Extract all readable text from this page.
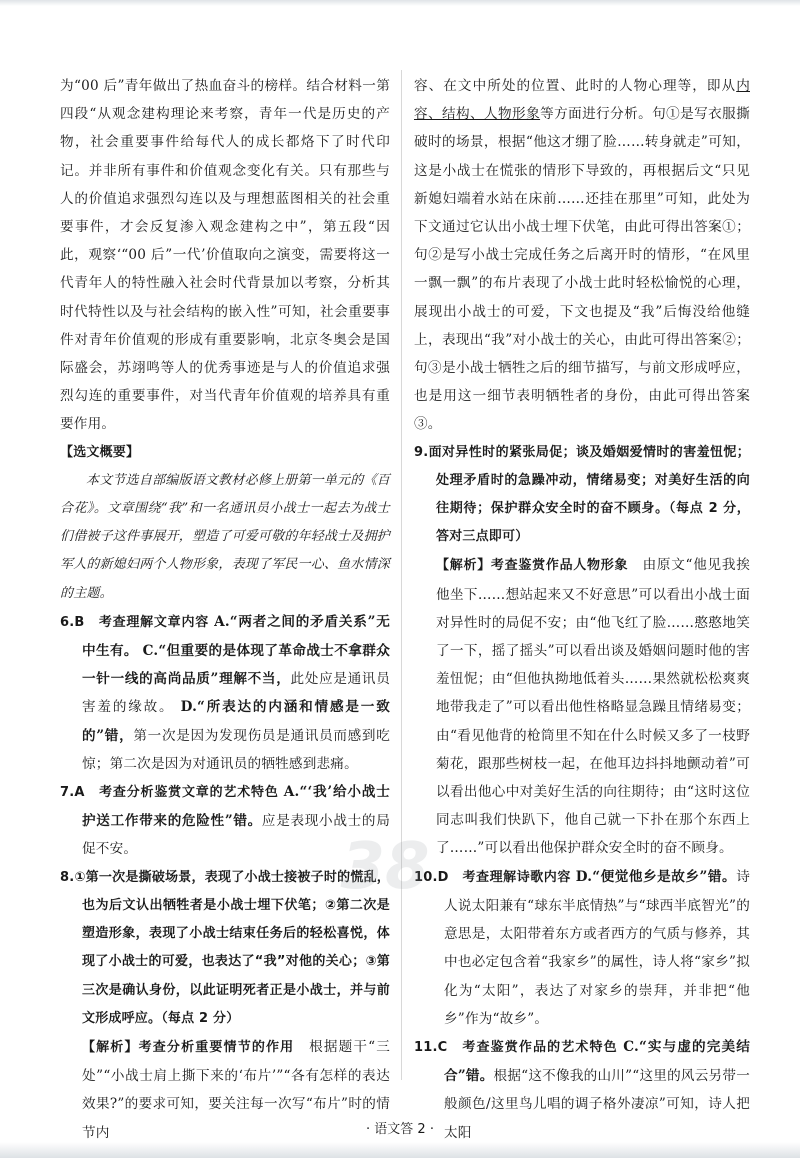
为“00 后”青年做出了热血奋斗的榜样。结合材料一第四段“从观念建构理论来考察，青年一代是历史的产物，社会重要事件给每代人的成长都烙下了时代印记。并非所有事件和价值观念变化有关。只有那些与人的价值追求强烈勾连以及与理想蓝图相关的社会重要事件，才会反复渗入观念建构之中”，第五段“因此，观察‘“00 后”一代’价值取向之演变，需要将这一代青年人的特性融入社会时代背景加以考察，分析其时代特性以及与社会结构的嵌入性”可知，社会重要事件对青年价值观的形成有重要影响，北京冬奥会是国际盛会，苏翊鸣等人的优秀事迹是与人的价值追求强烈勾连的重要事件，对当代青年价值观的培养具有重要作用。

【选文概要】

本文节选自部编版语文教材必修上册第一单元的《百合花》。文章围绕“我”和一名通讯员小战士一起去为战士们借被子这件事展开，塑造了可爱可敬的年轻战士及拥护军人的新媳妇两个人物形象，表现了军民一心、鱼水情深的主题。

6.B　考查理解文章内容 A.“两者之间的矛盾关系”无中生有。 C.“但重要的是体现了革命战士不拿群众一针一线的高尚品质”理解不当，此处应是通讯员害羞的缘故。 D.“所表达的内涵和情感是一致的”错，第一次是因为发现伤员是通讯员而感到吃惊；第二次是因为对通讯员的牺牲感到悲痛。

7.A　考查分析鉴赏文章的艺术特色 A.“‘我’给小战士护送工作带来的危险性”错。应是表现小战士的局促不安。

8.①第一次是撕破场景，表现了小战士接被子时的慌乱，也为后文认出牺牲者是小战士埋下伏笔；②第二次是塑造形象，表现了小战士结束任务后的轻松喜悦，体现了小战士的可爱，也表达了“我”对他的关心；③第三次是确认身份，以此证明死者正是小战士，并与前文形成呼应。（每点 2 分）

【解析】考查分析重要情节的作用　 根据题干“三处”“小战士肩上撕下来的‘布片’”“各有怎样的表达效果?”的要求可知，要关注每一次写“布片”时的情节内

容、在文中所处的位置、此时的人物心理等，即从内容、结构、人物形象等方面进行分析。句①是写衣服撕破时的场景，根据“他这才绷了脸……转身就走”可知，这是小战士在慌张的情形下导致的，再根据后文“只见新媳妇端着水站在床前……还挂在那里”可知，此处为下文通过它认出小战士埋下伏笔，由此可得出答案①；句②是写小战士完成任务之后离开时的情形，“在风里一飘一飘”的布片表现了小战士此时轻松愉悦的心理，展现出小战士的可爱，下文也提及“我”后悔没给他缝上，表现出“我”对小战士的关心，由此可得出答案②；句③是小战士牺牲之后的细节描写，与前文形成呼应，也是用这一细节表明牺牲者的身份，由此可得出答案③。

9.面对异性时的紧张局促；谈及婚姻爱情时的害羞忸怩；处理矛盾时的急躁冲动，情绪易变；对美好生活的向往期待；保护群众安全时的奋不顾身。（每点 2 分，答对三点即可）

【解析】考查鉴赏作品人物形象　 由原文“他见我挨他坐下……想站起来又不好意思”可以看出小战士面对异性时的局促不安；由“他飞红了脸……憨憨地笑了一下，摇了摇头”可以看出谈及婚姻问题时他的害羞忸怩；由“但他执拗地低着头……果然就松松爽爽地带我走了”可以看出他性格略显急躁且情绪易变；由“看见他背的枪筒里不知在什么时候又多了一枝野菊花，跟那些树枝一起，在他耳边抖抖地颤动着”可以看出他心中对美好生活的向往期待；由“这时这位同志叫我们快趴下，他自己就一下扑在那个东西上了……”可以看出他保护群众安全时的奋不顾身。

10.D　考查理解诗歌内容 D.“便觉他乡是故乡”错。诗人说太阳兼有“球东半底情热”与“球西半底智光”的意思是，太阳带着东方或者西方的气质与修养，其中也必定包含着“我家乡”的属性，诗人将“家乡”拟化为“太阳”，表达了对家乡的崇拜，并非把“他乡”作为“故乡”。

11.C　考查鉴赏作品的艺术特色 C.“实与虚的完美结合”错。根据“这不像我的山川”“这里的风云另带一般颜色/这里鸟儿唱的调子格外凄凉”可知，诗人把太阳

38
· 语文答 2 ·
